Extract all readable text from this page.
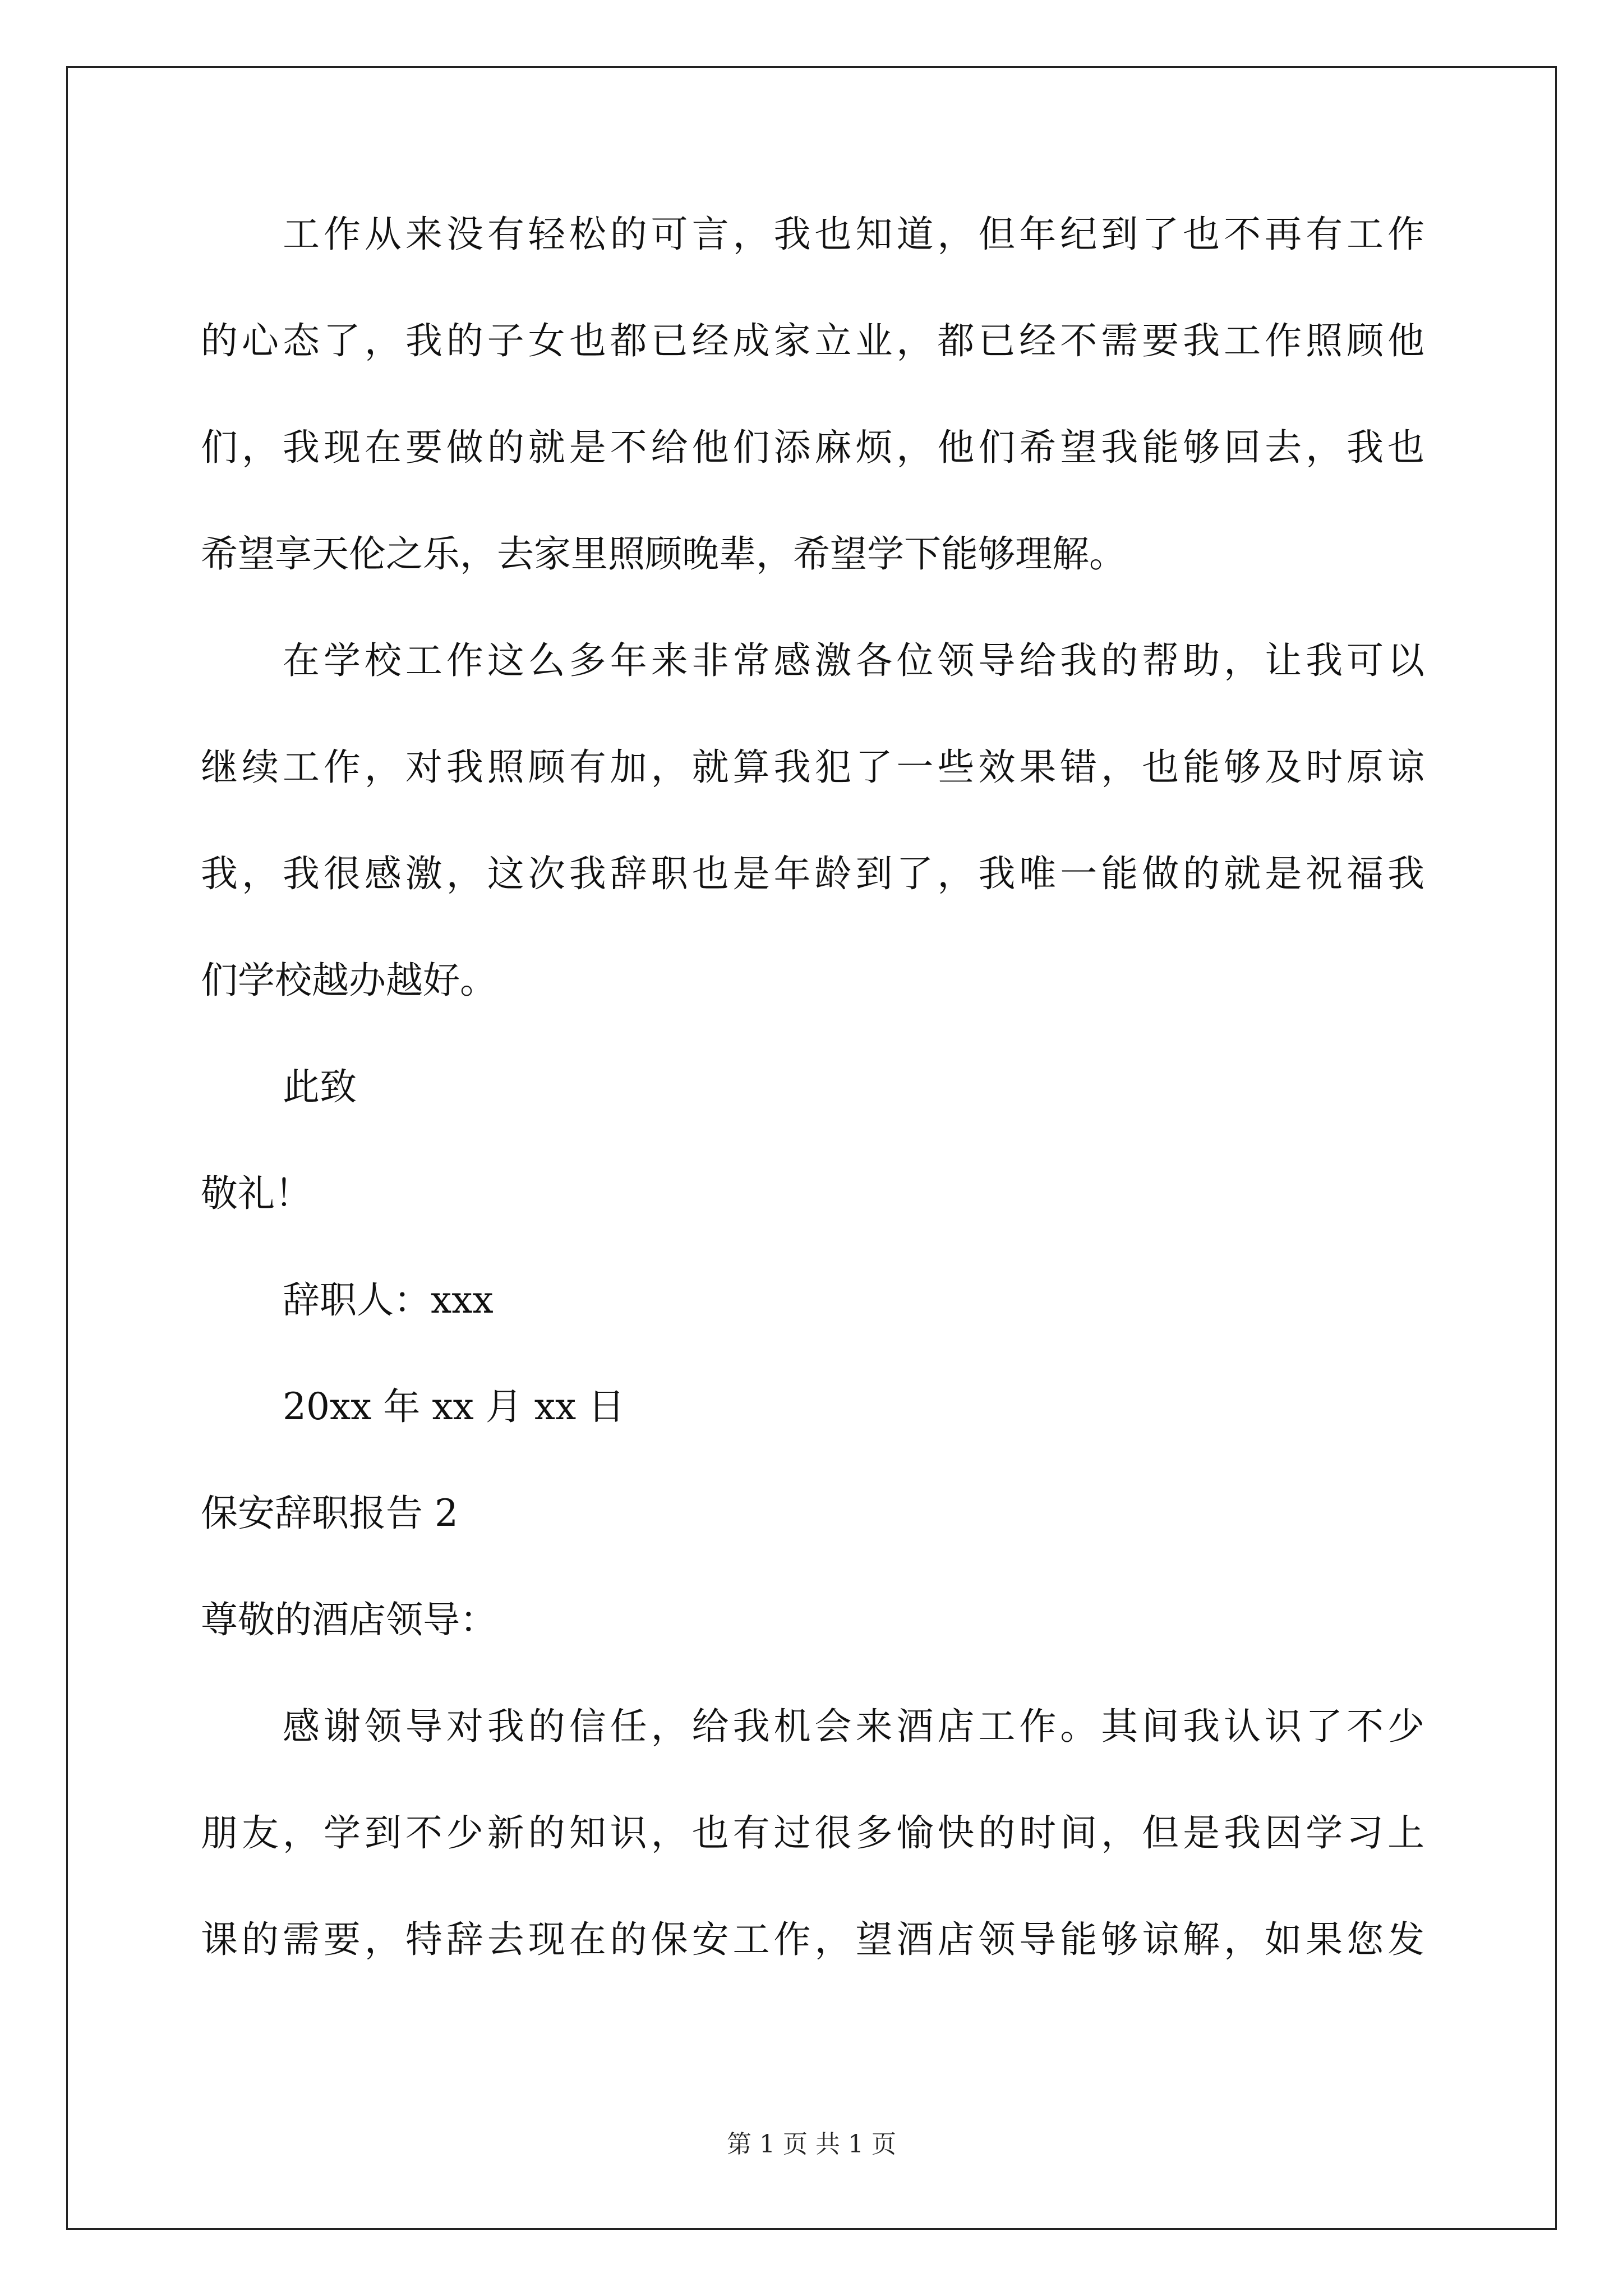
工作从来没有轻松的可言，我也知道，但年纪到了也不再有工作
的心态了，我的子女也都已经成家立业，都已经不需要我工作照顾他
们，我现在要做的就是不给他们添麻烦，他们希望我能够回去，我也
希望享天伦之乐，去家里照顾晚辈，希望学下能够理解。
在学校工作这么多年来非常感激各位领导给我的帮助，让我可以
继续工作，对我照顾有加，就算我犯了一些效果错，也能够及时原谅
我，我很感激，这次我辞职也是年龄到了，我唯一能做的就是祝福我
们学校越办越好。
此致
敬礼！
辞职人：xxx
20xx 年 xx 月 xx 日
保安辞职报告 2
尊敬的酒店领导：
感谢领导对我的信任，给我机会来酒店工作。其间我认识了不少
朋友，学到不少新的知识，也有过很多愉快的时间，但是我因学习上
课的需要，特辞去现在的保安工作，望酒店领导能够谅解，如果您发
第 1 页 共 1 页
